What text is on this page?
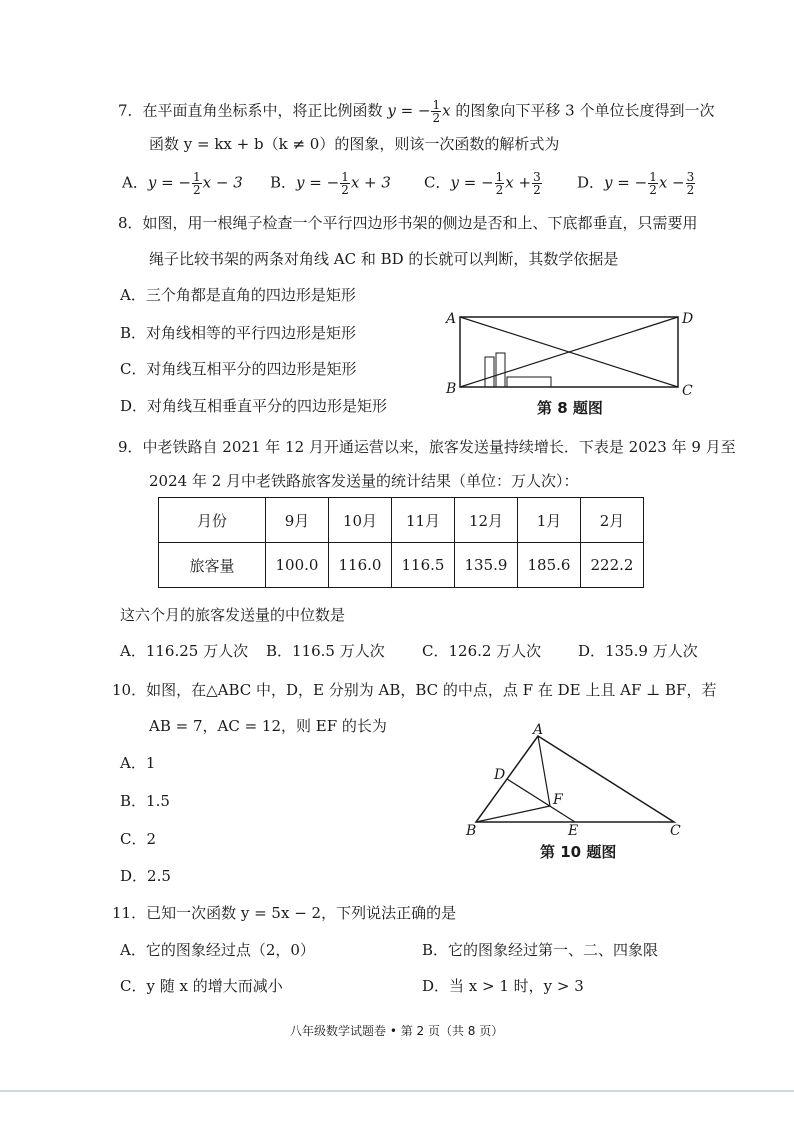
7．在平面直角坐标系中，将正比例函数 y = − $\frac{1}{2}$ x 的图象向下平移 3 个单位长度得到一次
函数 y = kx + b（k ≠ 0）的图象，则该一次函数的解析式为
A．y = − $\frac{1}{2}$ x − 3 B．y = − $\frac{1}{2}$ x + 3 C．y = − $\frac{1}{2}$ $x + \frac{3}{2}$ D．y = − $\frac{1}{2}$ $x - \frac{3}{2}$
8．如图，用一根绳子检查一个平行四边形书架的侧边是否和上、下底都垂直，只需要用
绳子比较书架的两条对角线 AC 和 BD 的长就可以判断，其数学依据是
A．三个角都是直角的四边形是矩形
B．对角线相等的平行四边形是矩形
C．对角线互相平分的四边形是矩形
D．对角线互相垂直平分的四边形是矩形
A	D
B	C
第 8 题图
9．中老铁路自 2021 年 12 月开通运营以来，旅客发送量持续增长．下表是 2023 年 9 月至
2024 年 2 月中老铁路旅客发送量的统计结果（单位：万人次）：
月份	9月	10月	11月	12月	1月	2月
旅客量	100.0	116.0	116.5	135.9	185.6	222.2
这六个月的旅客发送量的中位数是
A．116.25 万人次 B．116.5 万人次 C．126.2 万人次 D．135.9 万人次
10．如图，在△ABC 中，D，E 分别为 AB，BC 的中点，点 F 在 DE 上且 AF ⊥ BF，若
AB = 7，AC = 12，则 EF 的长为
A．1
B．1.5
C．2
D．2.5
A
D
F
B	E	C
第 10 题图
11．已知一次函数 y = 5x − 2，下列说法正确的是
A．它的图象经过点（2，0）	B．它的图象经过第一、二、四象限
C．y 随 x 的增大而减小	D．当 x > 1 时，y > 3
八年级数学试题卷 • 第 2 页（共 8 页）
